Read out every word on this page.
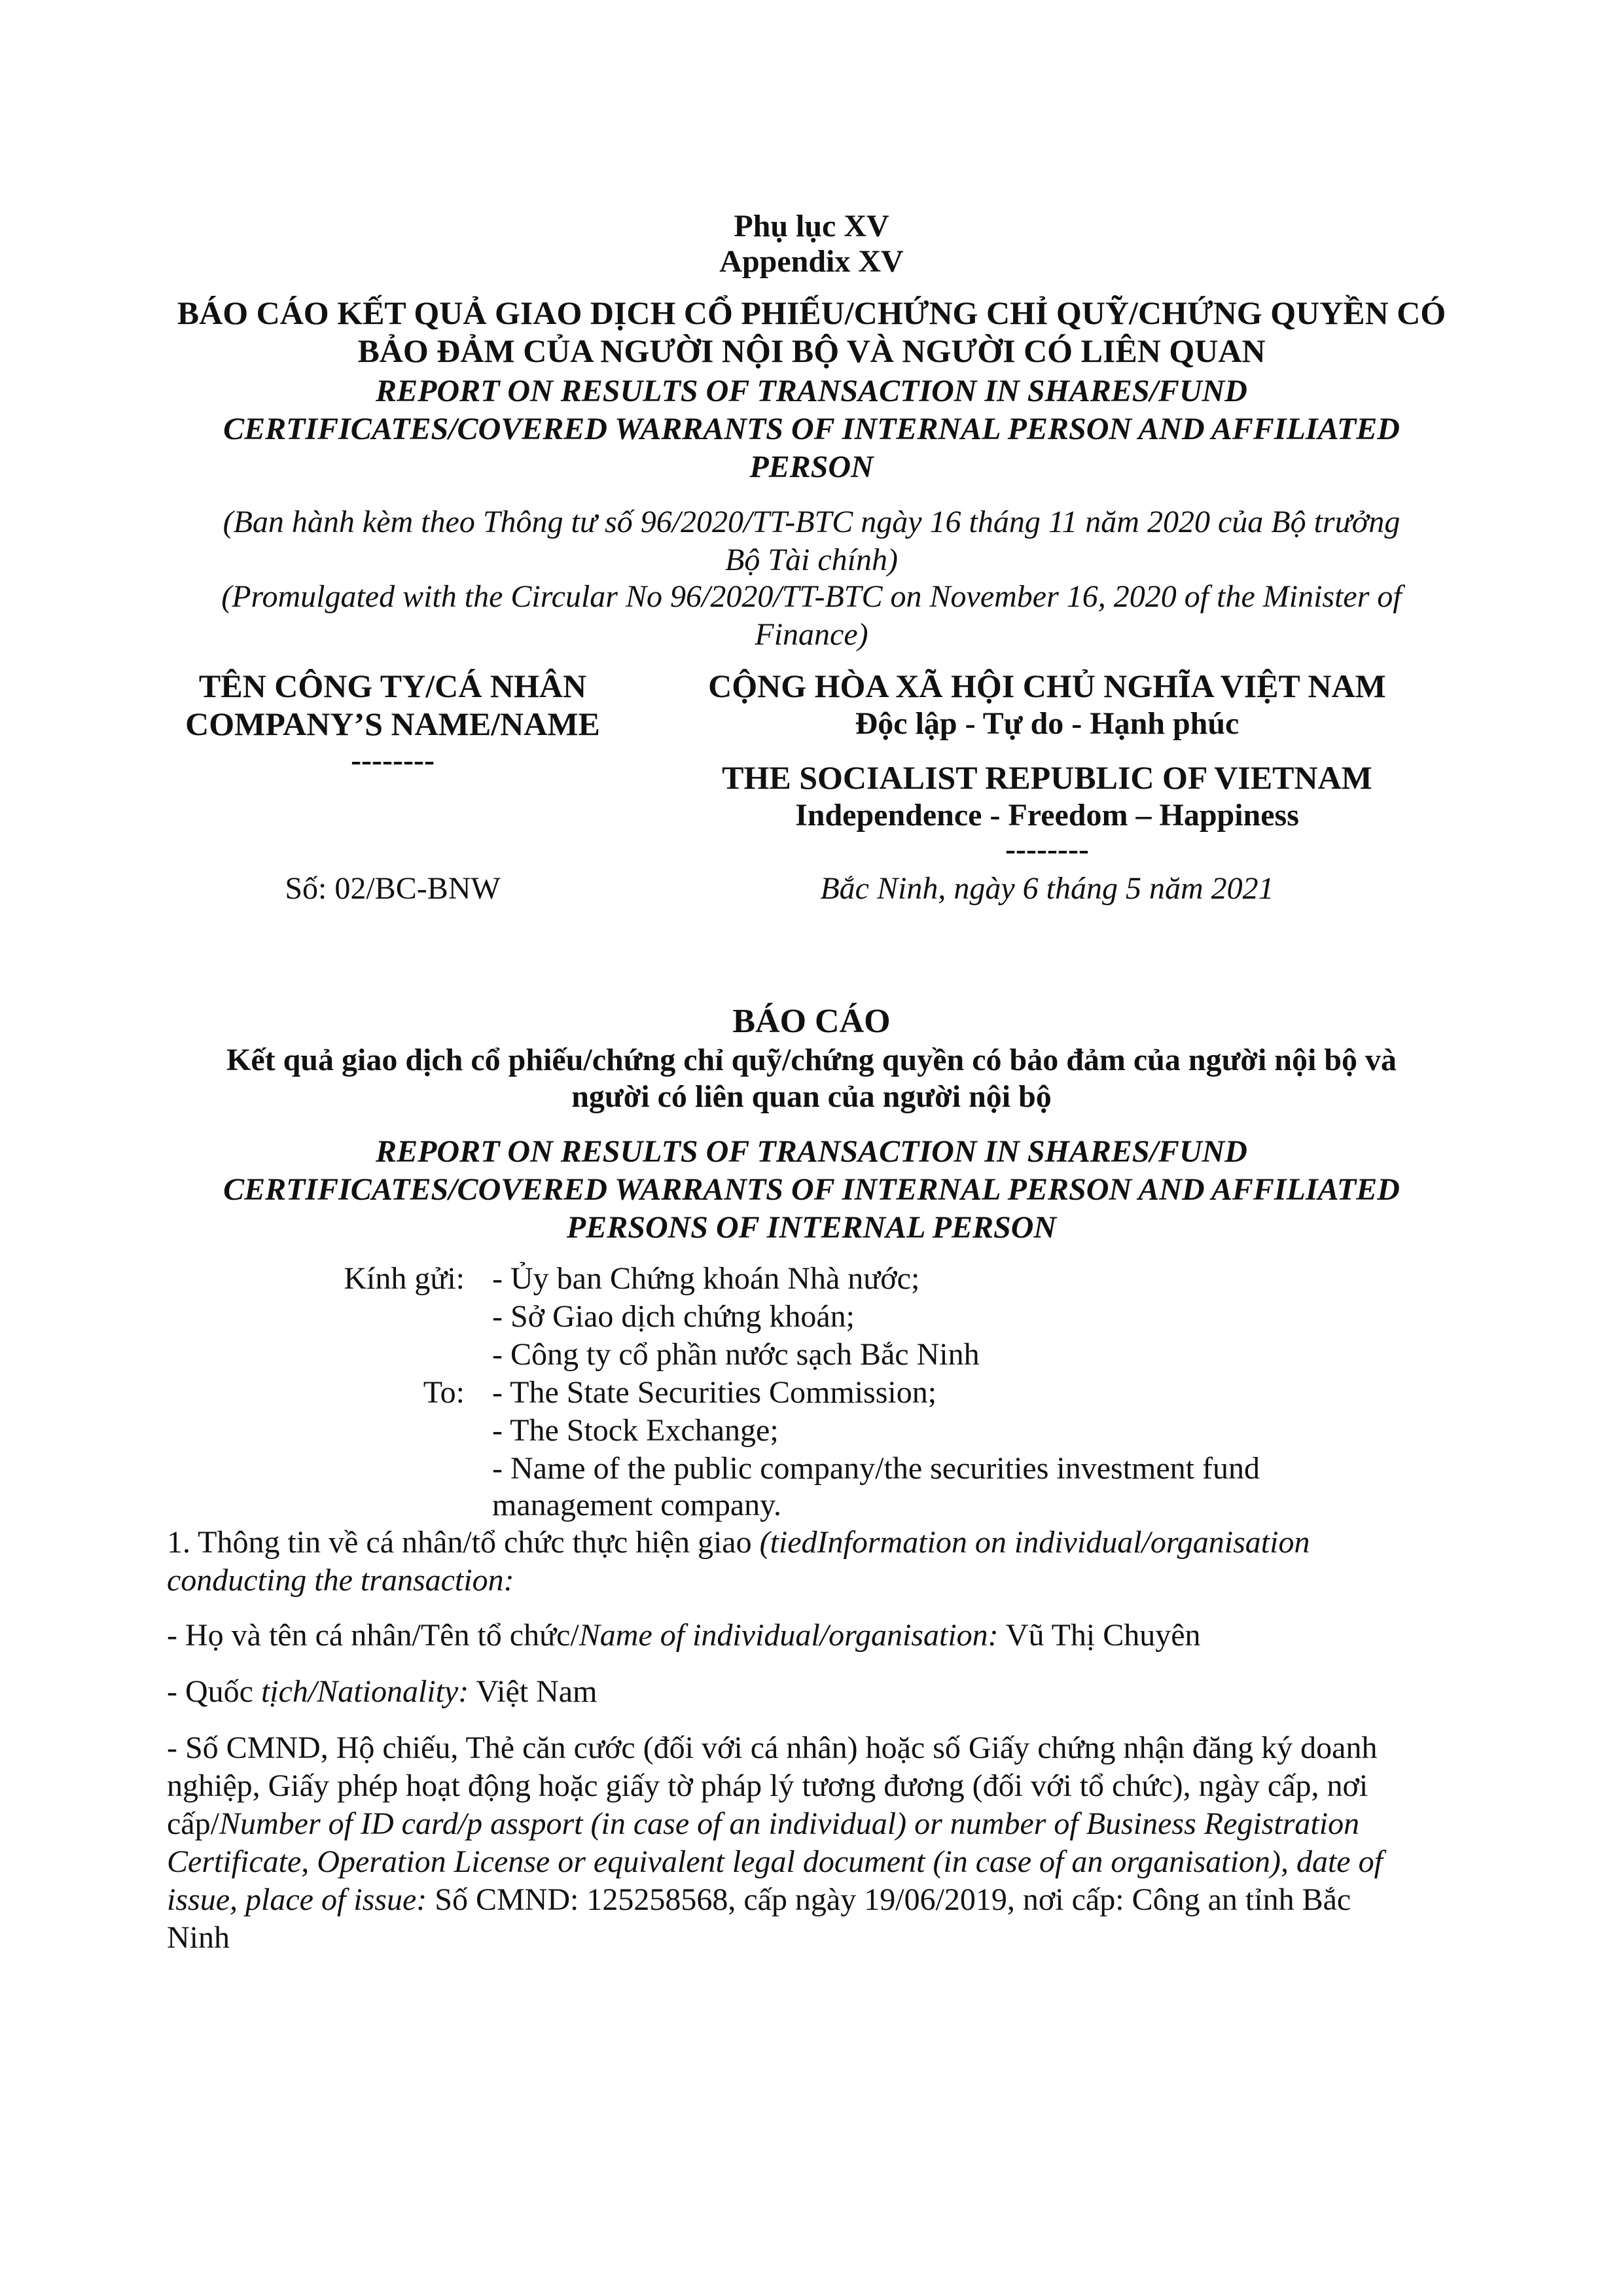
Phụ lục XV
Appendix XV
BÁO CÁO KẾT QUẢ GIAO DỊCH CỔ PHIẾU/CHỨNG CHỈ QUỸ/CHỨNG QUYỀN CÓ
BẢO ĐẢM CỦA NGƯỜI NỘI BỘ VÀ NGƯỜI CÓ LIÊN QUAN
REPORT ON RESULTS OF TRANSACTION IN SHARES/FUND
CERTIFICATES/COVERED WARRANTS OF INTERNAL PERSON AND AFFILIATED
PERSON
(Ban hành kèm theo Thông tư số 96/2020/TT-BTC ngày 16 tháng 11 năm 2020 của Bộ trưởng
Bộ Tài chính)
(Promulgated with the Circular No 96/2020/TT-BTC on November 16, 2020 of the Minister of
Finance)
TÊN CÔNG TY/CÁ NHÂN
COMPANY’S NAME/NAME
--------
Số: 02/BC-BNW
CỘNG HÒA XÃ HỘI CHỦ NGHĨA VIỆT NAM
Độc lập - Tự do - Hạnh phúc
THE SOCIALIST REPUBLIC OF VIETNAM
Independence - Freedom – Happiness
--------
Bắc Ninh, ngày 6 tháng 5 năm 2021
BÁO CÁO
Kết quả giao dịch cổ phiếu/chứng chỉ quỹ/chứng quyền có bảo đảm của người nội bộ và
người có liên quan của người nội bộ
REPORT ON RESULTS OF TRANSACTION IN SHARES/FUND
CERTIFICATES/COVERED WARRANTS OF INTERNAL PERSON AND AFFILIATED
PERSONS OF INTERNAL PERSON
Kính gửi: - Ủy ban Chứng khoán Nhà nước;
- Sở Giao dịch chứng khoán;
- Công ty cổ phần nước sạch Bắc Ninh
To: - The State Securities Commission;
- The Stock Exchange;
- Name of the public company/the securities investment fund
management company.
1. Thông tin về cá nhân/tổ chức thực hiện giao (tiedInformation on individual/organisation
conducting the transaction:
- Họ và tên cá nhân/Tên tổ chức/Name of individual/organisation: Vũ Thị Chuyên
- Quốc tịch/Nationality: Việt Nam
- Số CMND, Hộ chiếu, Thẻ căn cước (đối với cá nhân) hoặc số Giấy chứng nhận đăng ký doanh
nghiệp, Giấy phép hoạt động hoặc giấy tờ pháp lý tương đương (đối với tổ chức), ngày cấp, nơi
cấp/Number of ID card/p assport (in case of an individual) or number of Business Registration
Certificate, Operation License or equivalent legal document (in case of an organisation), date of
issue, place of issue: Số CMND: 125258568, cấp ngày 19/06/2019, nơi cấp: Công an tỉnh Bắc
Ninh
